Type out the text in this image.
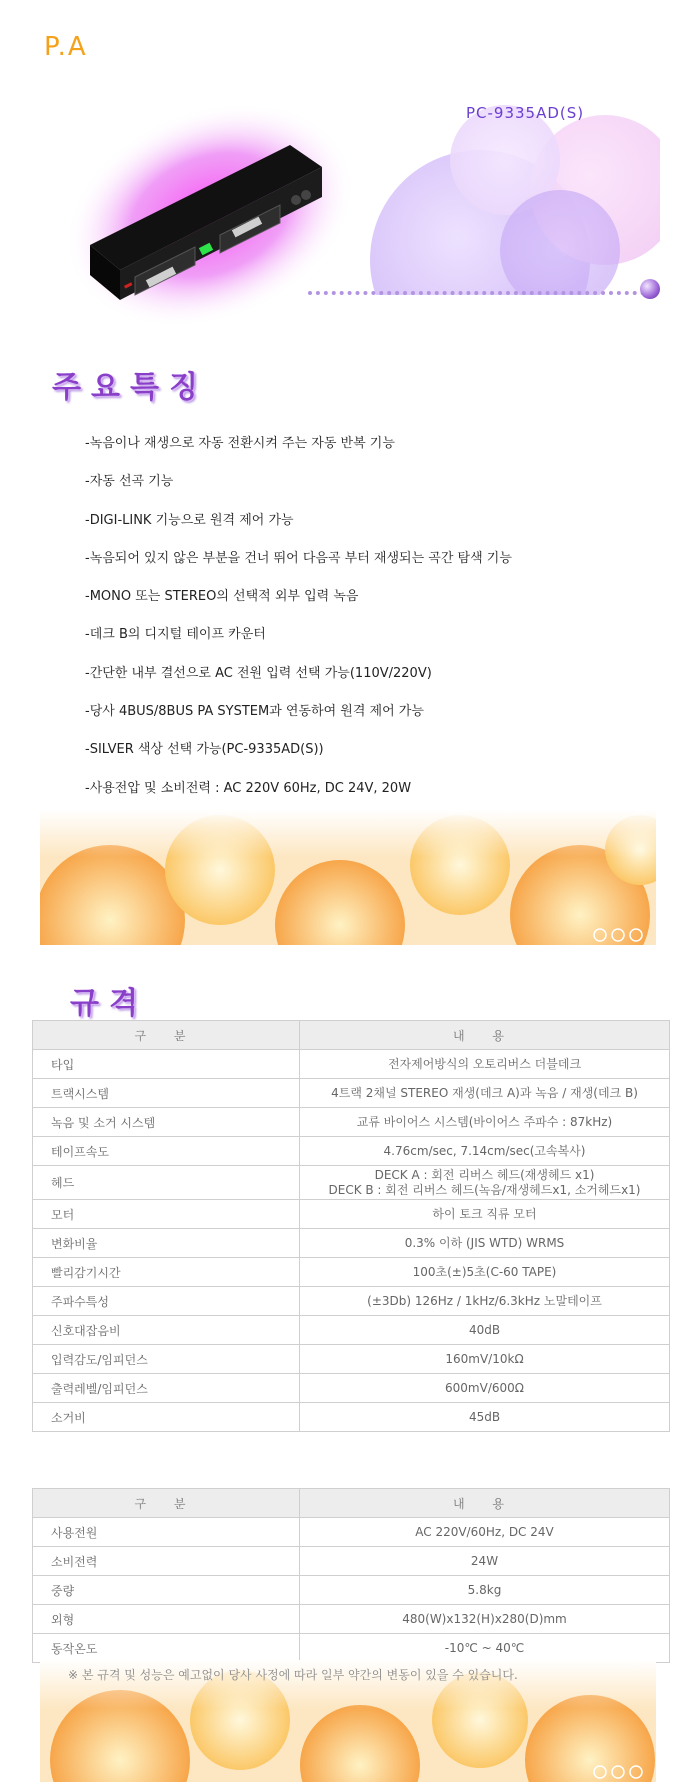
P.A
PC-9335AD(S)
주요특징
-녹음이나 재생으로 자동 전환시켜 주는 자동 반복 기능
-자동 선곡 기능
-DIGI-LINK 기능으로 원격 제어 가능
-녹음되어 있지 않은 부분을 건너 뛰어 다음곡 부터 재생되는 곡간 탐색 기능
-MONO 또는 STEREO의 선택적 외부 입력 녹음
-데크 B의 디지털 테이프 카운터
-간단한 내부 결선으로 AC 전원 입력 선택 가능(110V/220V)
-당사 4BUS/8BUS PA SYSTEM과 연동하여 원격 제어 가능
-SILVER 색상 선택 가능(PC-9335AD(S))
-사용전압 및 소비전력 : AC 220V 60Hz, DC 24V, 20W
규격
구 분	내 용
타입	전자제어방식의 오토리버스 더블데크
트랙시스템	4트랙 2채널 STEREO 재생(데크 A)과 녹음 / 재생(데크 B)
녹음 및 소거 시스템	교류 바이어스 시스템(바이어스 주파수 : 87kHz)
테이프속도	4.76cm/sec, 7.14cm/sec(고속복사)
헤드	DECK A : 회전 리버스 헤드(재생헤드 x1)
DECK B : 회전 리버스 헤드(녹음/재생헤드x1, 소거헤드x1)
모터	하이 토크 직류 모터
변화비율	0.3% 이하 (JIS WTD) WRMS
빨리감기시간	100초(±)5초(C-60 TAPE)
주파수특성	(±3Db) 126Hz / 1kHz/6.3kHz 노말테이프
신호대잡음비	40dB
입력감도/임피던스	160mV/10kΩ
출력레벨/임피던스	600mV/600Ω
소거비	45dB
구 분	내 용
사용전원	AC 220V/60Hz, DC 24V
소비전력	24W
중량	5.8kg
외형	480(W)x132(H)x280(D)mm
동작온도	-10℃ ~ 40℃
※ 본 규격 및 성능은 예고없이 당사 사정에 따라 일부 약간의 변동이 있을 수 있습니다.
